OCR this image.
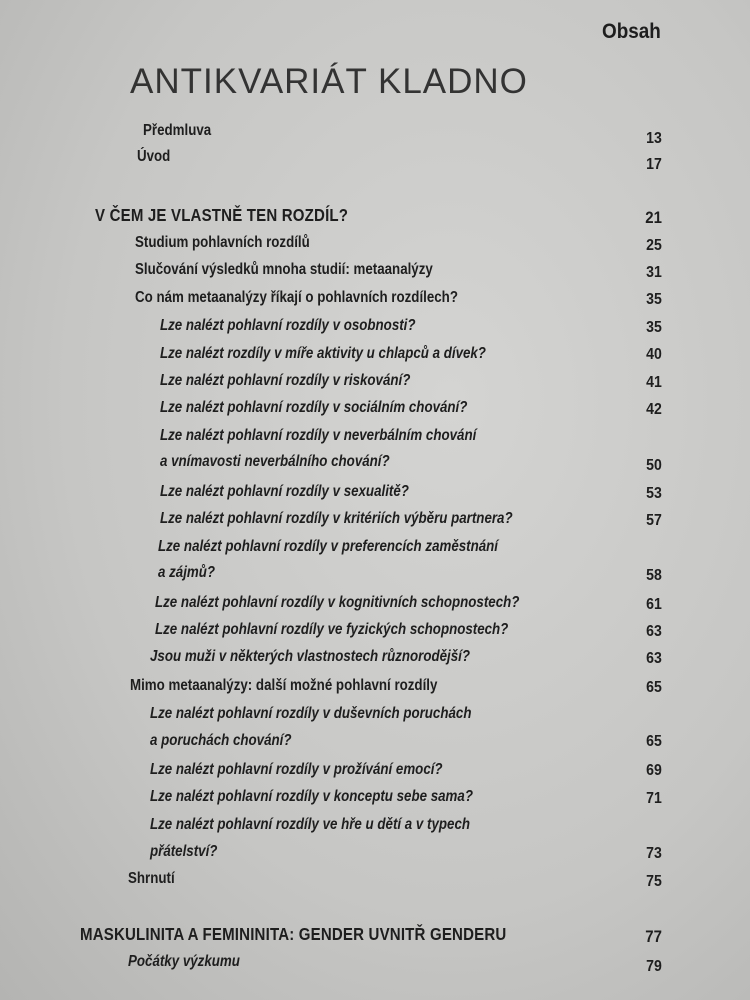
Obsah
ANTIKVARIÁT KLADNO
Předmluva	13
Úvod	17
V ČEM JE VLASTNĚ TEN ROZDÍL?	21
Studium pohlavních rozdílů	25
Slučování výsledků mnoha studií: metaanalýzy	31
Co nám metaanalýzy říkají o pohlavních rozdílech?	35
Lze nalézt pohlavní rozdíly v osobnosti?	35
Lze nalézt rozdíly v míře aktivity u chlapců a dívek?	40
Lze nalézt pohlavní rozdíly v riskování?	41
Lze nalézt pohlavní rozdíly v sociálním chování?	42
Lze nalézt pohlavní rozdíly v neverbálním chování
a vnímavosti neverbálního chování?	50
Lze nalézt pohlavní rozdíly v sexualitě?	53
Lze nalézt pohlavní rozdíly v kritériích výběru partnera?	57
Lze nalézt pohlavní rozdíly v preferencích zaměstnání
a zájmů?	58
Lze nalézt pohlavní rozdíly v kognitivních schopnostech?	61
Lze nalézt pohlavní rozdíly ve fyzických schopnostech?	63
Jsou muži v některých vlastnostech různorodější?	63
Mimo metaanalýzy: další možné pohlavní rozdíly	65
Lze nalézt pohlavní rozdíly v duševních poruchách
a poruchách chování?	65
Lze nalézt pohlavní rozdíly v prožívání emocí?	69
Lze nalézt pohlavní rozdíly v konceptu sebe sama?	71
Lze nalézt pohlavní rozdíly ve hře u dětí a v typech
přátelství?	73
Shrnutí	75
MASKULINITA A FEMININITA: GENDER UVNITŘ GENDERU	77
Počátky výzkumu	79
